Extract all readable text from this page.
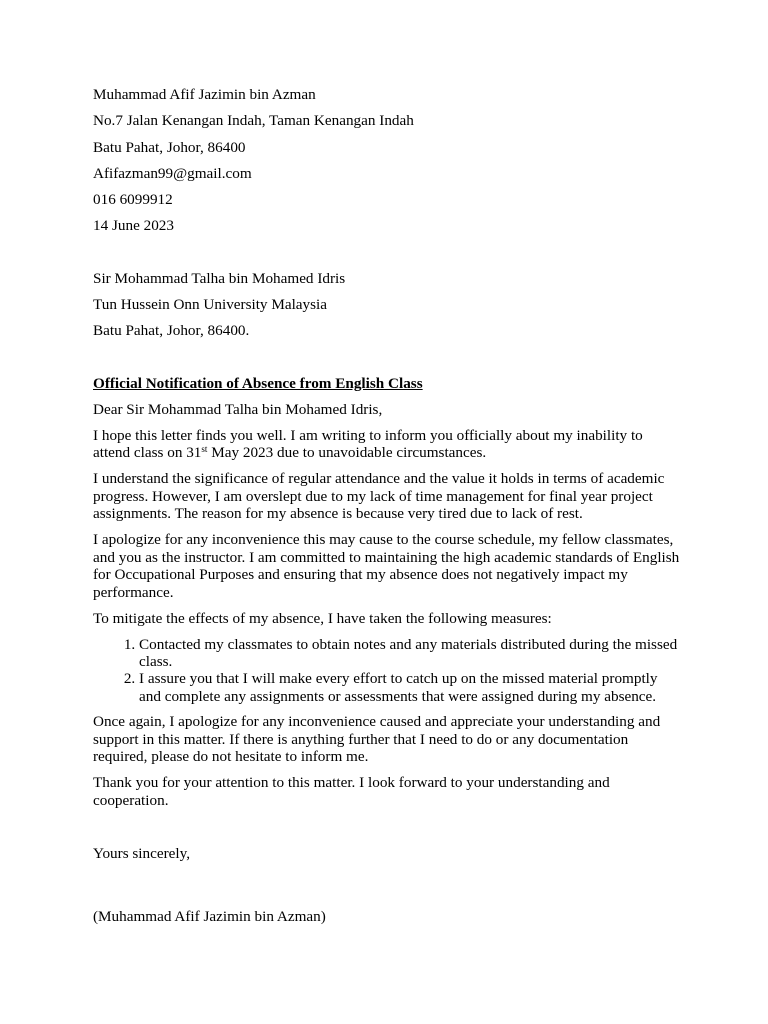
Muhammad Afif Jazimin bin Azman
No.7 Jalan Kenangan Indah, Taman Kenangan Indah
Batu Pahat, Johor, 86400
Afifazman99@gmail.com
016 6099912
14 June 2023
Sir Mohammad Talha bin Mohamed Idris
Tun Hussein Onn University Malaysia
Batu Pahat, Johor, 86400.
Official Notification of Absence from English Class
Dear Sir Mohammad Talha bin Mohamed Idris,

I hope this letter finds you well. I am writing to inform you officially about my inability to attend class on 31st May 2023 due to unavoidable circumstances.

I understand the significance of regular attendance and the value it holds in terms of academic progress. However, I am overslept due to my lack of time management for final year project assignments. The reason for my absence is because very tired due to lack of rest.

I apologize for any inconvenience this may cause to the course schedule, my fellow classmates, and you as the instructor. I am committed to maintaining the high academic standards of English for Occupational Purposes and ensuring that my absence does not negatively impact my performance.

To mitigate the effects of my absence, I have taken the following measures:

1. Contacted my classmates to obtain notes and any materials distributed during the missed class.
2. I assure you that I will make every effort to catch up on the missed material promptly and complete any assignments or assessments that were assigned during my absence.

Once again, I apologize for any inconvenience caused and appreciate your understanding and support in this matter. If there is anything further that I need to do or any documentation required, please do not hesitate to inform me.

Thank you for your attention to this matter. I look forward to your understanding and cooperation.

Yours sincerely,
(Muhammad Afif Jazimin bin Azman)
